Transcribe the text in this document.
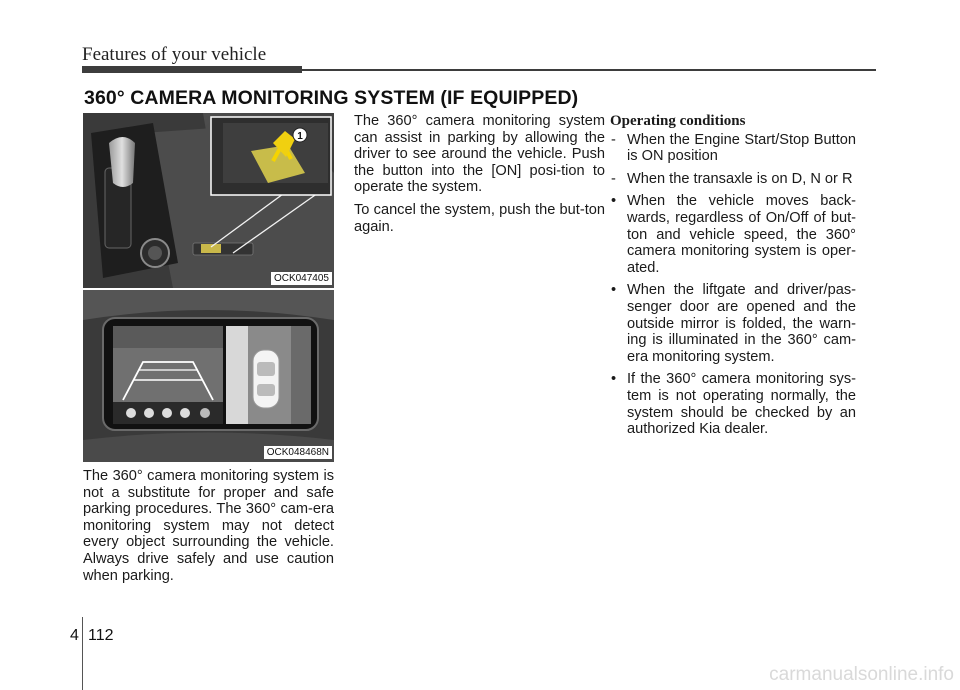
Features of your vehicle
360° CAMERA MONITORING SYSTEM (IF EQUIPPED)
1
OCK047405
OCK048468N

The 360° camera monitoring system is not a substitute for proper and safe parking procedures. The 360° cam-era monitoring system may not detect every object surrounding the vehicle. Always drive safely and use caution when parking.

The 360° camera monitoring system can assist in parking by allowing the driver to see around the vehicle. Push the button into the [ON] posi-tion to operate the system.

To cancel the system, push the but-ton again.

Operating conditions
- When the Engine Start/Stop Button is ON position
- When the transaxle is on D, N or R
• When the vehicle moves back-wards, regardless of On/Off of but-ton and vehicle speed, the 360° camera monitoring system is oper-ated.
• When the liftgate and driver/pas-senger door are opened and the outside mirror is folded, the warn-ing is illuminated in the 360° cam-era monitoring system.
• If the 360° camera monitoring sys-tem is not operating normally, the system should be checked by an authorized Kia dealer.
4 112
carmanualsonline.info
